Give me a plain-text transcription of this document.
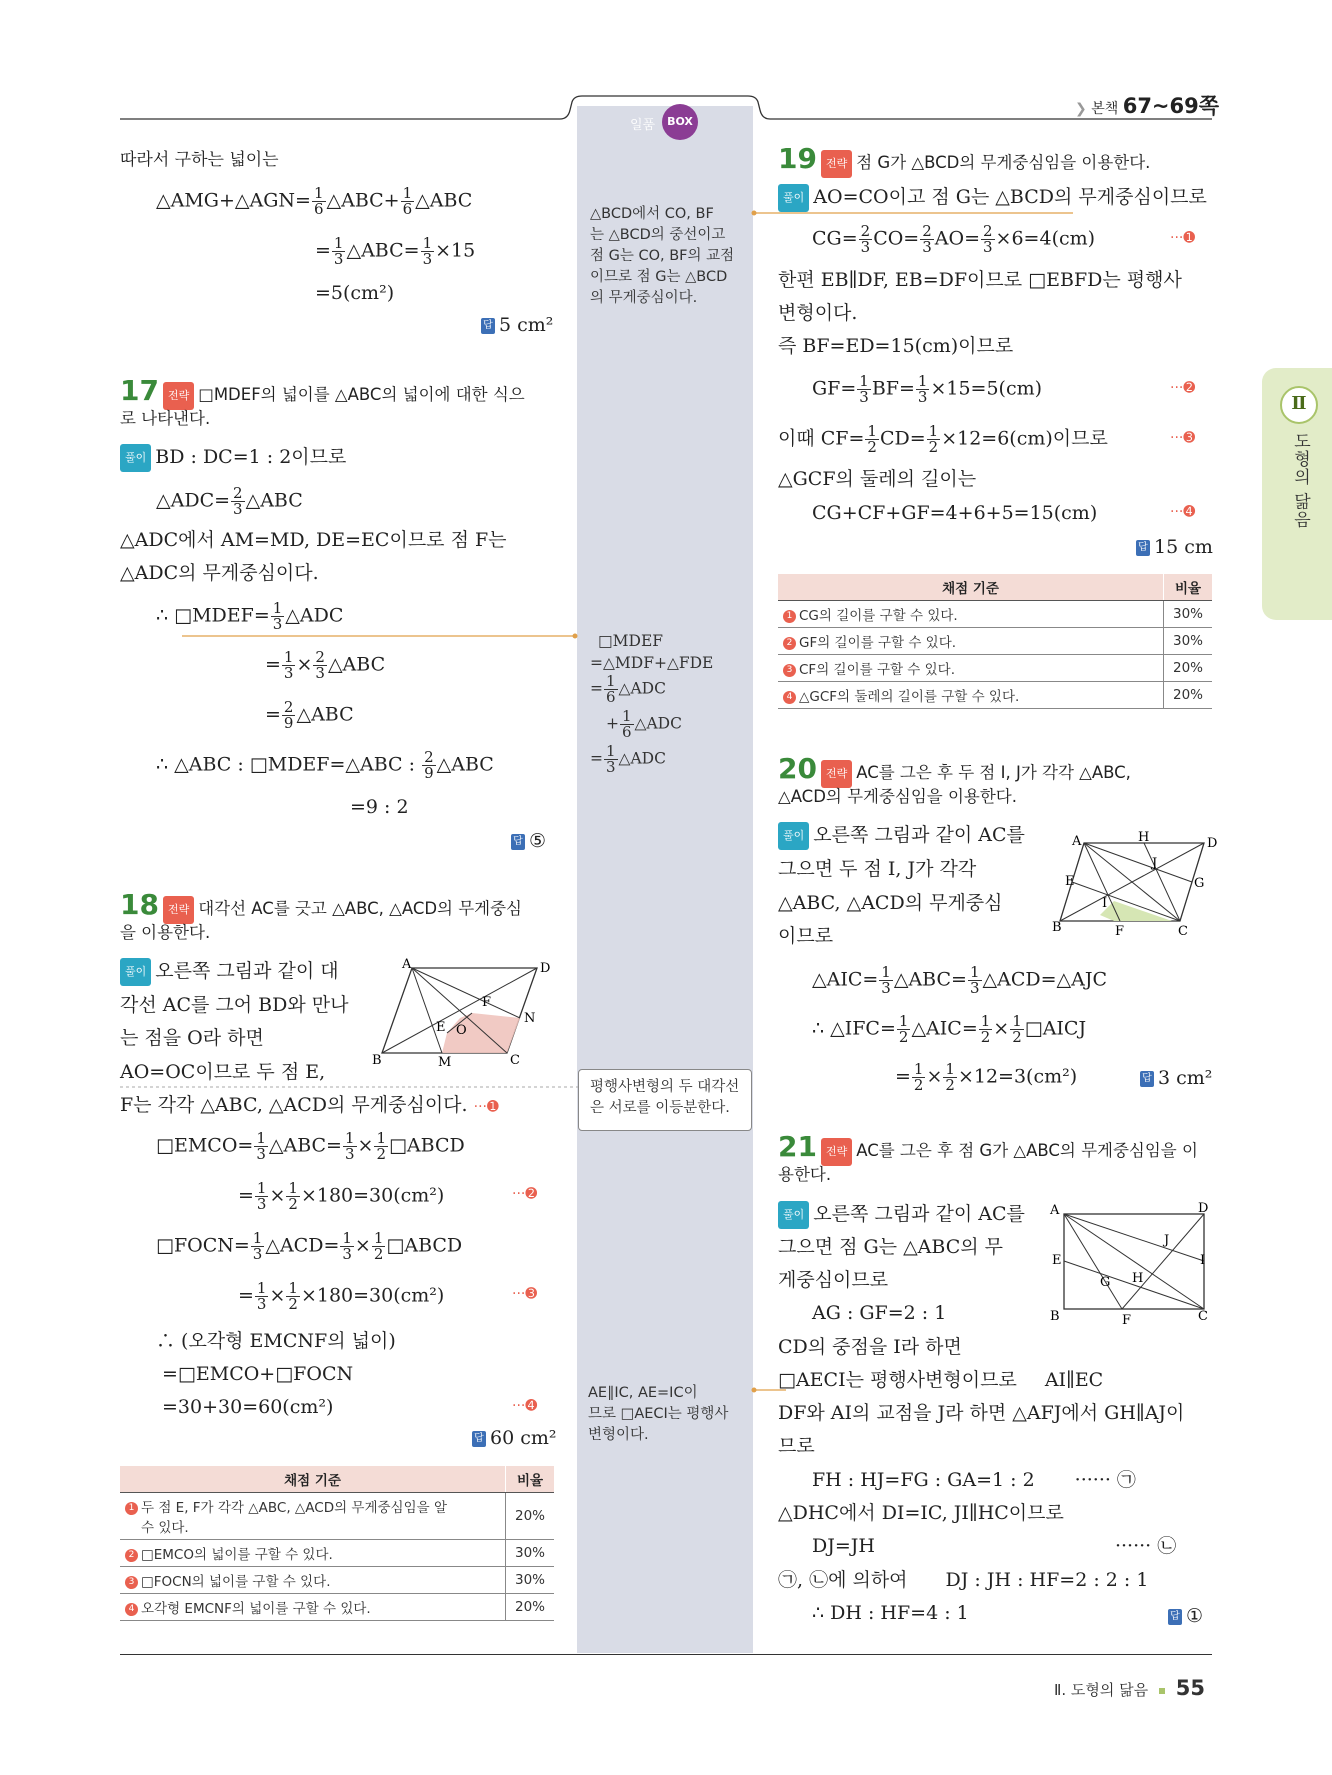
❯ 본책 67~69쪽
일품	BOX
따라서 구하는 넓이는
△AMG+△AGN= $\frac{1}{6}$ △ABC+ $\frac{1}{6}$ △ABC
= $\frac{1}{3}$ △ABC= $\frac{1}{3} \times 15$
=5(cm²)
답 5 cm²
17 전략 □MDEF의 넓이를 △ABC의 넓이에 대한 식으
로 나타낸다.
풀이 BD : DC=1 : 2이므로
△ADC= $\frac{2}{3}$ △ABC
△ADC에서 AM=MD, DE=EC이므로 점 F는
△ADC의 무게중심이다.
∴ □MDEF= $\frac{1}{3}$ △ADC
= $\frac{1}{3} \times \frac{2}{3}$ △ABC
= $\frac{2}{9}$ △ABC
∴ △ABC : □MDEF=△ABC : $\frac{2}{9}$ △ABC
=9 : 2
답 ⑤
18 전략 대각선 AC를 긋고 △ABC, △ACD의 무게중심
을 이용한다.
풀이 오른쪽 그림과 같이 대
각선 AC를 그어 BD와 만나
는 점을 O라 하면
AO=OC이므로 두 점 E,
F는 각각 △ABC, △ACD의 무게중심이다. ···➊
A	D
B	C
M
N
O
E
F
□EMCO= $\frac{1}{3}$ △ABC= $\frac{1}{3} \times \frac{1}{2}$ □ABCD
= $\frac{1}{3} \times \frac{1}{2} \times 180=30(cm^2)$	···➋
□FOCN= $\frac{1}{3}$ △ACD= $\frac{1}{3} \times \frac{1}{2}$ □ABCD
= $\frac{1}{3} \times \frac{1}{2} \times 180=30(cm^2)$	···➌
∴ (오각형 EMCNF의 넓이)
=□EMCO+□FOCN
=30+30=60(cm²)	···➍
답 60 cm²
채점 기준	비율
1 두 점 E, F가 각각 △ABC, △ACD의 무게중심임을 알
수 있다.	20%
2 □EMCO의 넓이를 구할 수 있다.	30%
3 □FOCN의 넓이를 구할 수 있다.	30%
4 오각형 EMCNF의 넓이를 구할 수 있다.	20%
△BCD에서 CO, BF
는 △BCD의 중선이고
점 G는 CO, BF의 교점
이므로 점 G는 △BCD
의 무게중심이다.
□MDEF
=△MDF+△FDE
= $\frac{1}{6}$ △ADC
+ $\frac{1}{6}$ △ADC
= $\frac{1}{3}$ △ADC
평행사변형의 두 대각선
은 서로를 이등분한다.
AE∥IC, AE=IC이
므로 □AECI는 평행사
변형이다.
19 전략 점 G가 △BCD의 무게중심임을 이용한다.
풀이 AO=CO이고 점 G는 △BCD의 무게중심이므로
$CG= \frac{2}{3} CO= \frac{2}{3} AO= \frac{2}{3} \times 6=4(cm)$	···➊
한편 EB∥DF, EB=DF이므로 □EBFD는 평행사
변형이다.
즉 BF=ED=15(cm)이므로
$GF= \frac{1}{3} BF= \frac{1}{3} \times 15=5(cm)$	···➋
이때 $CF= \frac{1}{2} CD= \frac{1}{2} \times 12=6(cm)$이므로	···➌
△GCF의 둘레의 길이는
CG+CF+GF=4+6+5=15(cm)	···➍
답 15 cm
채점 기준	비율
1 CG의 길이를 구할 수 있다.	30%
2 GF의 길이를 구할 수 있다.	30%
3 CF의 길이를 구할 수 있다.	20%
4 △GCF의 둘레의 길이를 구할 수 있다.	20%
20 전략 AC를 그은 후 두 점 I, J가 각각 △ABC,
△ACD의 무게중심임을 이용한다.
풀이 오른쪽 그림과 같이 AC를
그으면 두 점 I, J가 각각
△ABC, △ACD의 무게중심
이므로
A	D
B	C
H
E	G
J
I
F
△AIC= $\frac{1}{3}$ △ABC= $\frac{1}{3}$ △ACD=△AJC
∴ △IFC= $\frac{1}{2}$ △AIC= $\frac{1}{2} \times \frac{1}{2}$ □AICJ
= $\frac{1}{2} \times \frac{1}{2} \times 12=3(cm^2)$	답 3 cm²
21 전략 AC를 그은 후 점 G가 △ABC의 무게중심임을 이
용한다.
풀이 오른쪽 그림과 같이 AC를
그으면 점 G는 △ABC의 무
게중심이므로
A	D
B	C
E	I
J
H
G
F
AG : GF=2 : 1
CD의 중점을 I라 하면
□AECI는 평행사변형이므로 AI∥EC
DF와 AI의 교점을 J라 하면 △AFJ에서 GH∥AJ이
므로
FH : HJ=FG : GA=1 : 2 ······ ㉠
△DHC에서 DI=IC, JI∥HC이므로
DJ=JH	······ ㉡
㉠, ㉡에 의하여 DJ : JH : HF=2 : 2 : 1
∴ DH : HF=4 : 1	답 ①
Ⅱ
도형의 닮음
Ⅱ. 도형의 닮음 55
